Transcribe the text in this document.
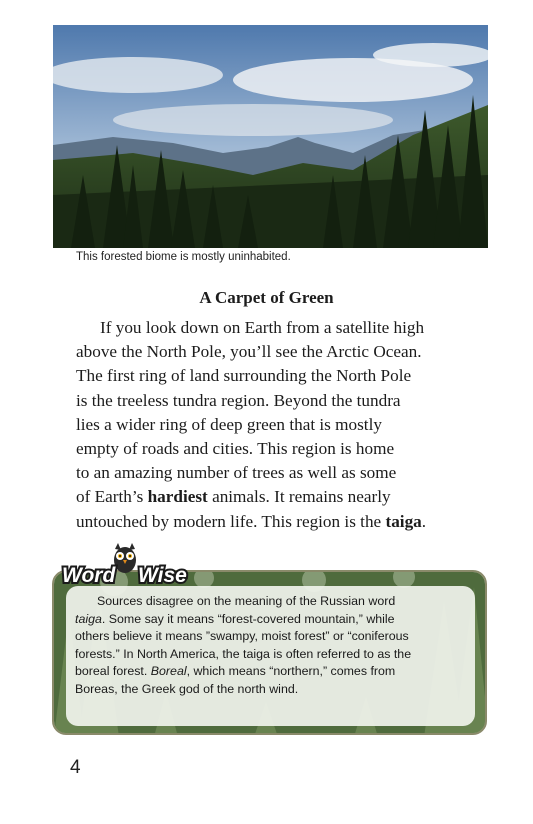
This forested biome is mostly uninhabited.
A Carpet of Green
If you look down on Earth from a satellite high
above the North Pole, you’ll see the Arctic Ocean.
The first ring of land surrounding the North Pole
is the treeless tundra region. Beyond the tundra
lies a wider ring of deep green that is mostly
empty of roads and cities. This region is home
to an amazing number of trees as well as some
of Earth’s hardiest animals. It remains nearly
untouched by modern life. This region is the taiga.
Sources disagree on the meaning of the Russian word
taiga. Some say it means “forest-covered mountain,” while
others believe it means ”swampy, moist forest” or “coniferous
forests.” In North America, the taiga is often referred to as the
boreal forest. Boreal, which means “northern,” comes from
Boreas, the Greek god of the north wind.
Word Wise
4
